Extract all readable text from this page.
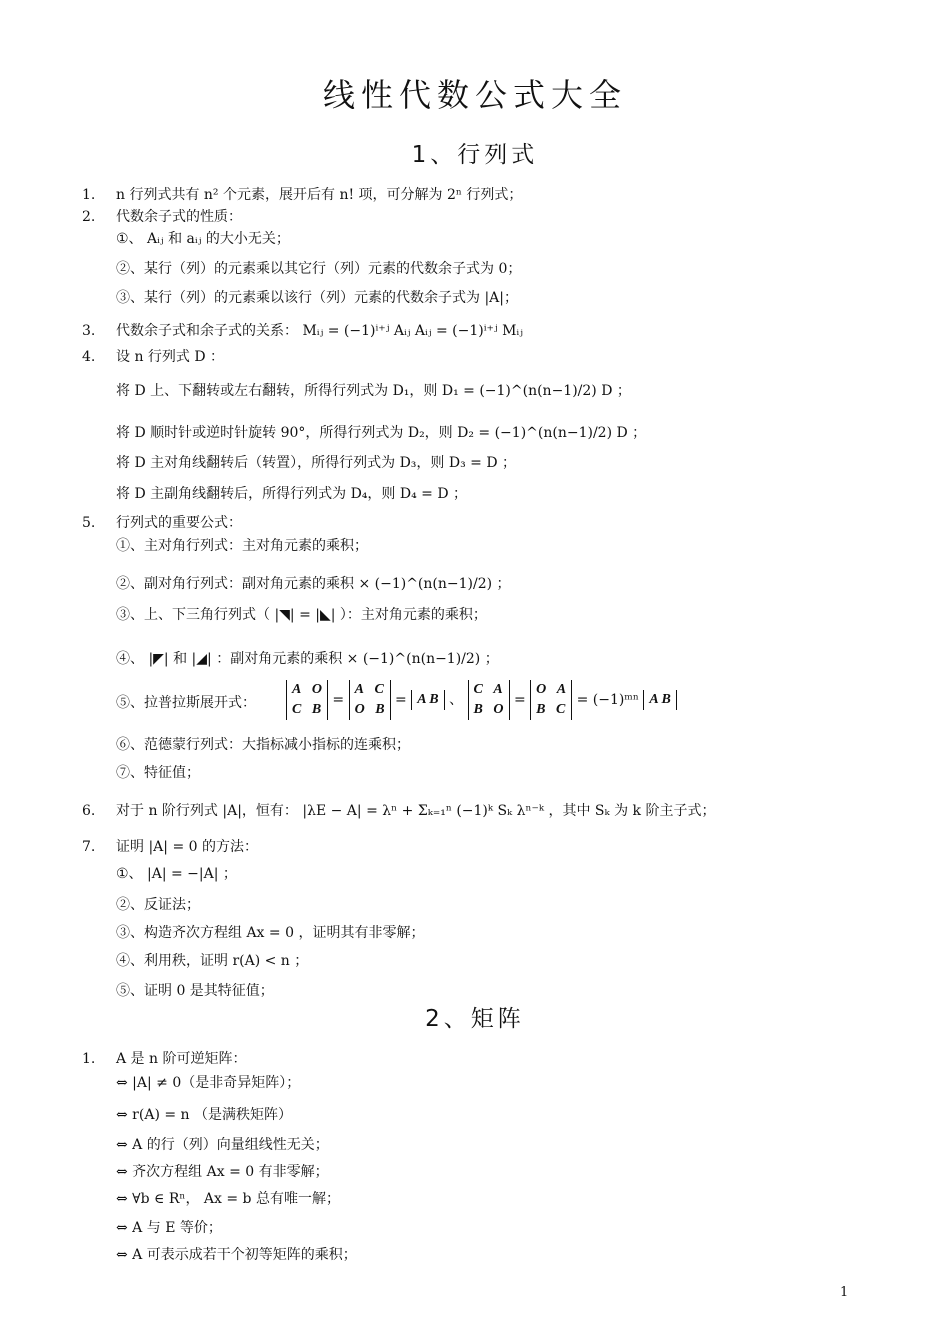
线性代数公式大全
1、行列式
1. n 行列式共有 n² 个元素，展开后有 n! 项，可分解为 2ⁿ 行列式；
2. 代数余子式的性质：
①、 Aᵢⱼ 和 aᵢⱼ 的大小无关；
②、某行（列）的元素乘以其它行（列）元素的代数余子式为 0；
③、某行（列）的元素乘以该行（列）元素的代数余子式为 |A|；
3. 代数余子式和余子式的关系： Mᵢⱼ = (−1)ⁱ⁺ʲ Aᵢⱼ Aᵢⱼ = (−1)ⁱ⁺ʲ Mᵢⱼ
4. 设 n 行列式 D ：
将 D 上、下翻转或左右翻转，所得行列式为 D₁，则 D₁ = (−1)^(n(n−1)/2) D ；
将 D 顺时针或逆时针旋转 90°，所得行列式为 D₂，则 D₂ = (−1)^(n(n−1)/2) D ；
将 D 主对角线翻转后（转置），所得行列式为 D₃，则 D₃ = D ；
将 D 主副角线翻转后，所得行列式为 D₄，则 D₄ = D ；
5. 行列式的重要公式：
①、主对角行列式：主对角元素的乘积；
②、副对角行列式：副对角元素的乘积 × (−1)^(n(n−1)/2) ；
③、上、下三角行列式（ |◥| = |◣| ）：主对角元素的乘积；
④、 |◤| 和 |◢| ：副对角元素的乘积 × (−1)^(n(n−1)/2) ；
⑤、拉普拉斯展开式：
A O
C B = A C
O B = A B 、 C A
B O = O A
B C = (−1)ᵐⁿ A B
⑥、范德蒙行列式：大指标减小指标的连乘积；
⑦、特征值；
6. 对于 n 阶行列式 |A|，恒有： |λE − A| = λⁿ + Σₖ₌₁ⁿ (−1)ᵏ Sₖ λⁿ⁻ᵏ ，其中 Sₖ 为 k 阶主子式；
7. 证明 |A| = 0 的方法：
①、 |A| = −|A| ；
②、反证法；
③、构造齐次方程组 Ax = 0 ，证明其有非零解；
④、利用秩，证明 r(A) < n ；
⑤、证明 0 是其特征值；
2、矩阵
1. A 是 n 阶可逆矩阵：
⇔ |A| ≠ 0（是非奇异矩阵）；
⇔ r(A) = n （是满秩矩阵）
⇔ A 的行（列）向量组线性无关；
⇔ 齐次方程组 Ax = 0 有非零解；
⇔ ∀b ∈ Rⁿ， Ax = b 总有唯一解；
⇔ A 与 E 等价；
⇔ A 可表示成若干个初等矩阵的乘积；
1
